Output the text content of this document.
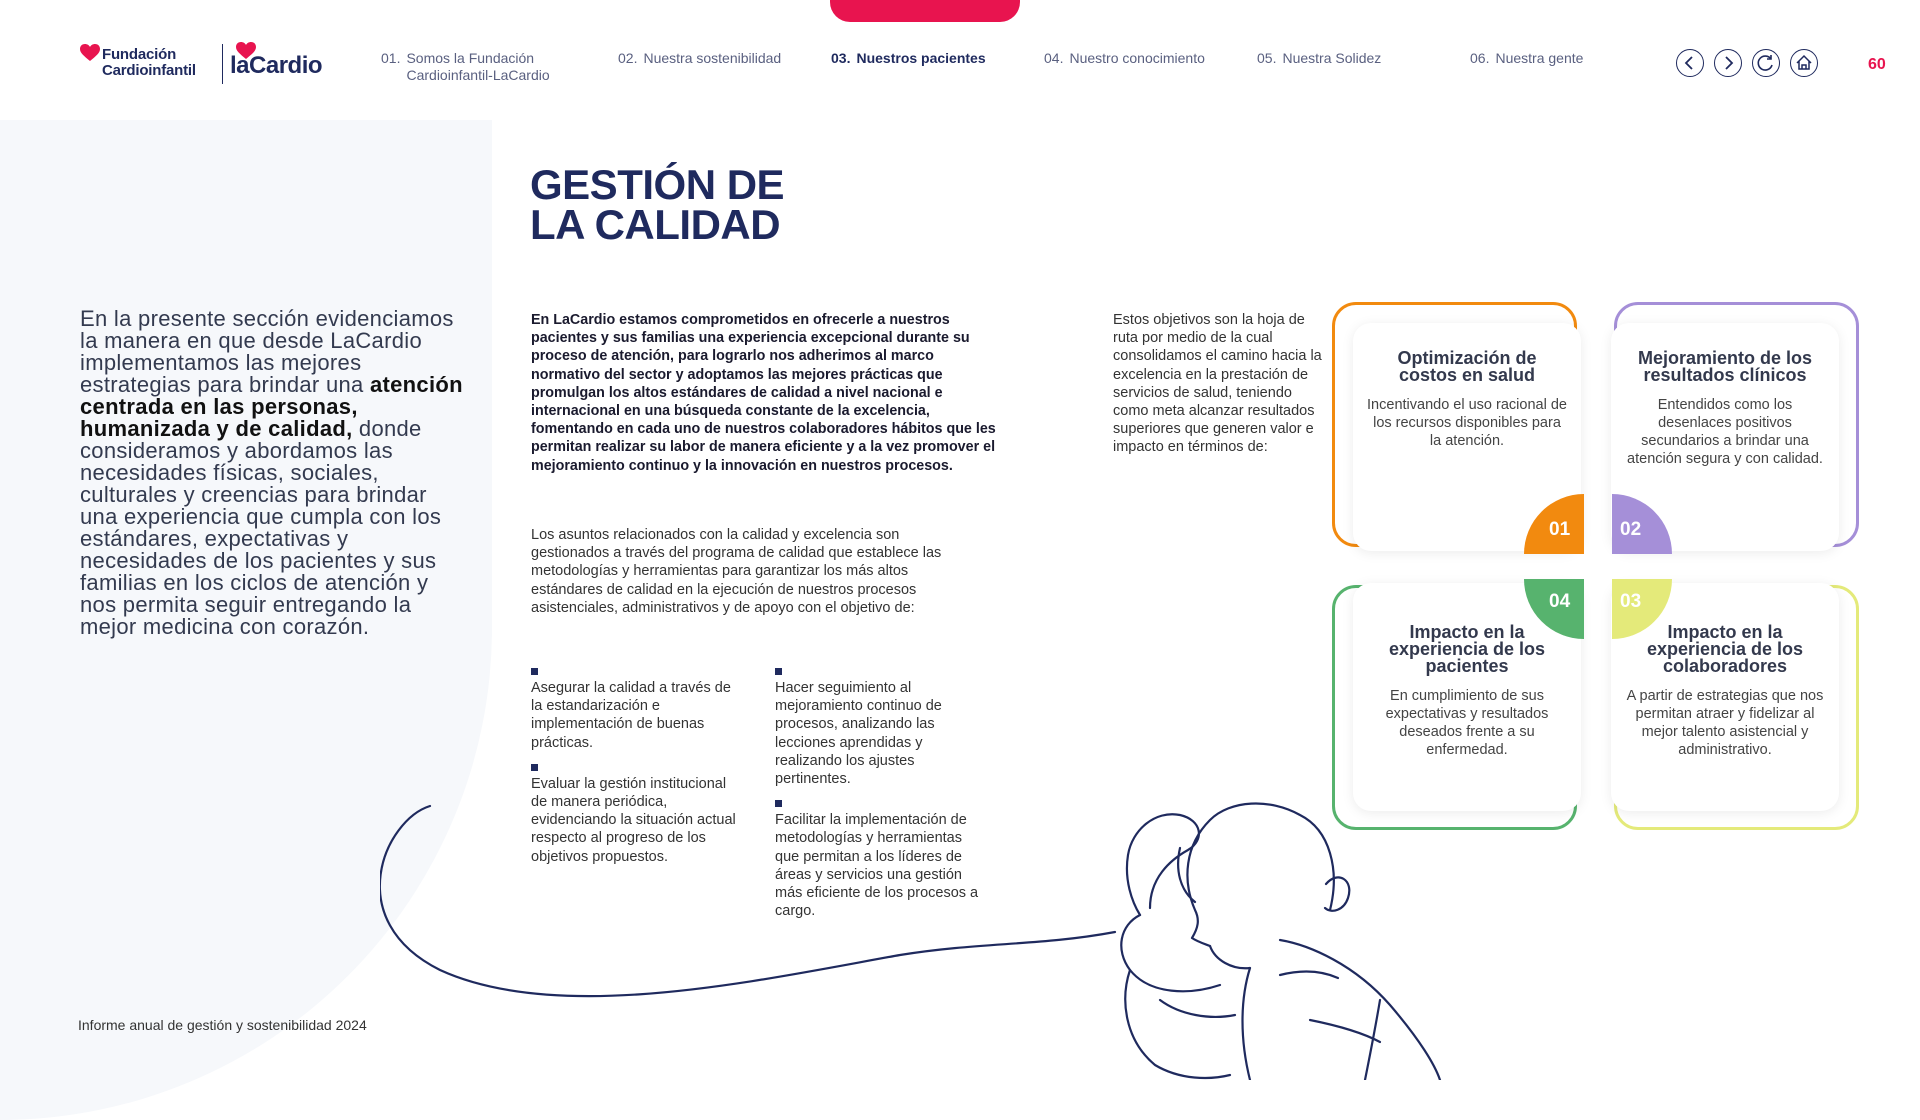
Fundación
Cardioinfantil laCardio	01. Somos la Fundación Cardioinfantil-LaCardio
02. Nuestra sostenibilidad	03. Nuestros pacientes	04. Nuestro conocimiento	05. Nuestra Solidez	06. Nuestra gente	60
En la presente sección evidenciamos la manera en que desde LaCardio implementamos las mejores estrategias para brindar una atención centrada en las personas, humanizada y de calidad, donde consideramos y abordamos las necesidades físicas, sociales, culturales y creencias para brindar una experiencia que cumpla con los estándares, expectativas y necesidades de los pacientes y sus familias en los ciclos de atención y nos permita seguir entregando la mejor medicina con corazón.
Informe anual de gestión y sostenibilidad 2024
GESTIÓN DE
LA CALIDAD
En LaCardio estamos comprometidos en ofrecerle a nuestros pacientes y sus familias una experiencia excepcional durante su proceso de atención, para lograrlo nos adherimos al marco normativo del sector y adoptamos las mejores prácticas que promulgan los altos estándares de calidad a nivel nacional e internacional en una búsqueda constante de la excelencia, fomentando en cada uno de nuestros colaboradores hábitos que les permitan realizar su labor de manera eficiente y a la vez promover el mejoramiento continuo y la innovación en nuestros procesos.
Los asuntos relacionados con la calidad y excelencia son gestionados a través del programa de calidad que establece las metodologías y herramientas para garantizar los más altos estándares de calidad en la ejecución de nuestros procesos asistenciales, administrativos y de apoyo con el objetivo de:
Asegurar la calidad a través de la estandarización e implementación de buenas prácticas.
Evaluar la gestión institucional de manera periódica, evidenciando la situación actual respecto al progreso de los objetivos propuestos.
Hacer seguimiento al mejoramiento continuo de procesos, analizando las lecciones aprendidas y realizando los ajustes pertinentes.
Facilitar la implementación de metodologías y herramientas que permitan a los líderes de áreas y servicios una gestión más eficiente de los procesos a cargo.
Estos objetivos son la hoja de ruta por medio de la cual consolidamos el camino hacia la excelencia en la prestación de servicios de salud, teniendo como meta alcanzar resultados superiores que generen valor e impacto en términos de:
Optimización de costos en salud
Incentivando el uso racional de los recursos disponibles para la atención.
Mejoramiento de los resultados clínicos
Entendidos como los desenlaces positivos secundarios a brindar una atención segura y con calidad.
Impacto en la experiencia de los pacientes
En cumplimiento de sus expectativas y resultados deseados frente a su enfermedad.
Impacto en la experiencia de los colaboradores
A partir de estrategias que nos permitan atraer y fidelizar al mejor talento asistencial y administrativo.
01	02
04	03
